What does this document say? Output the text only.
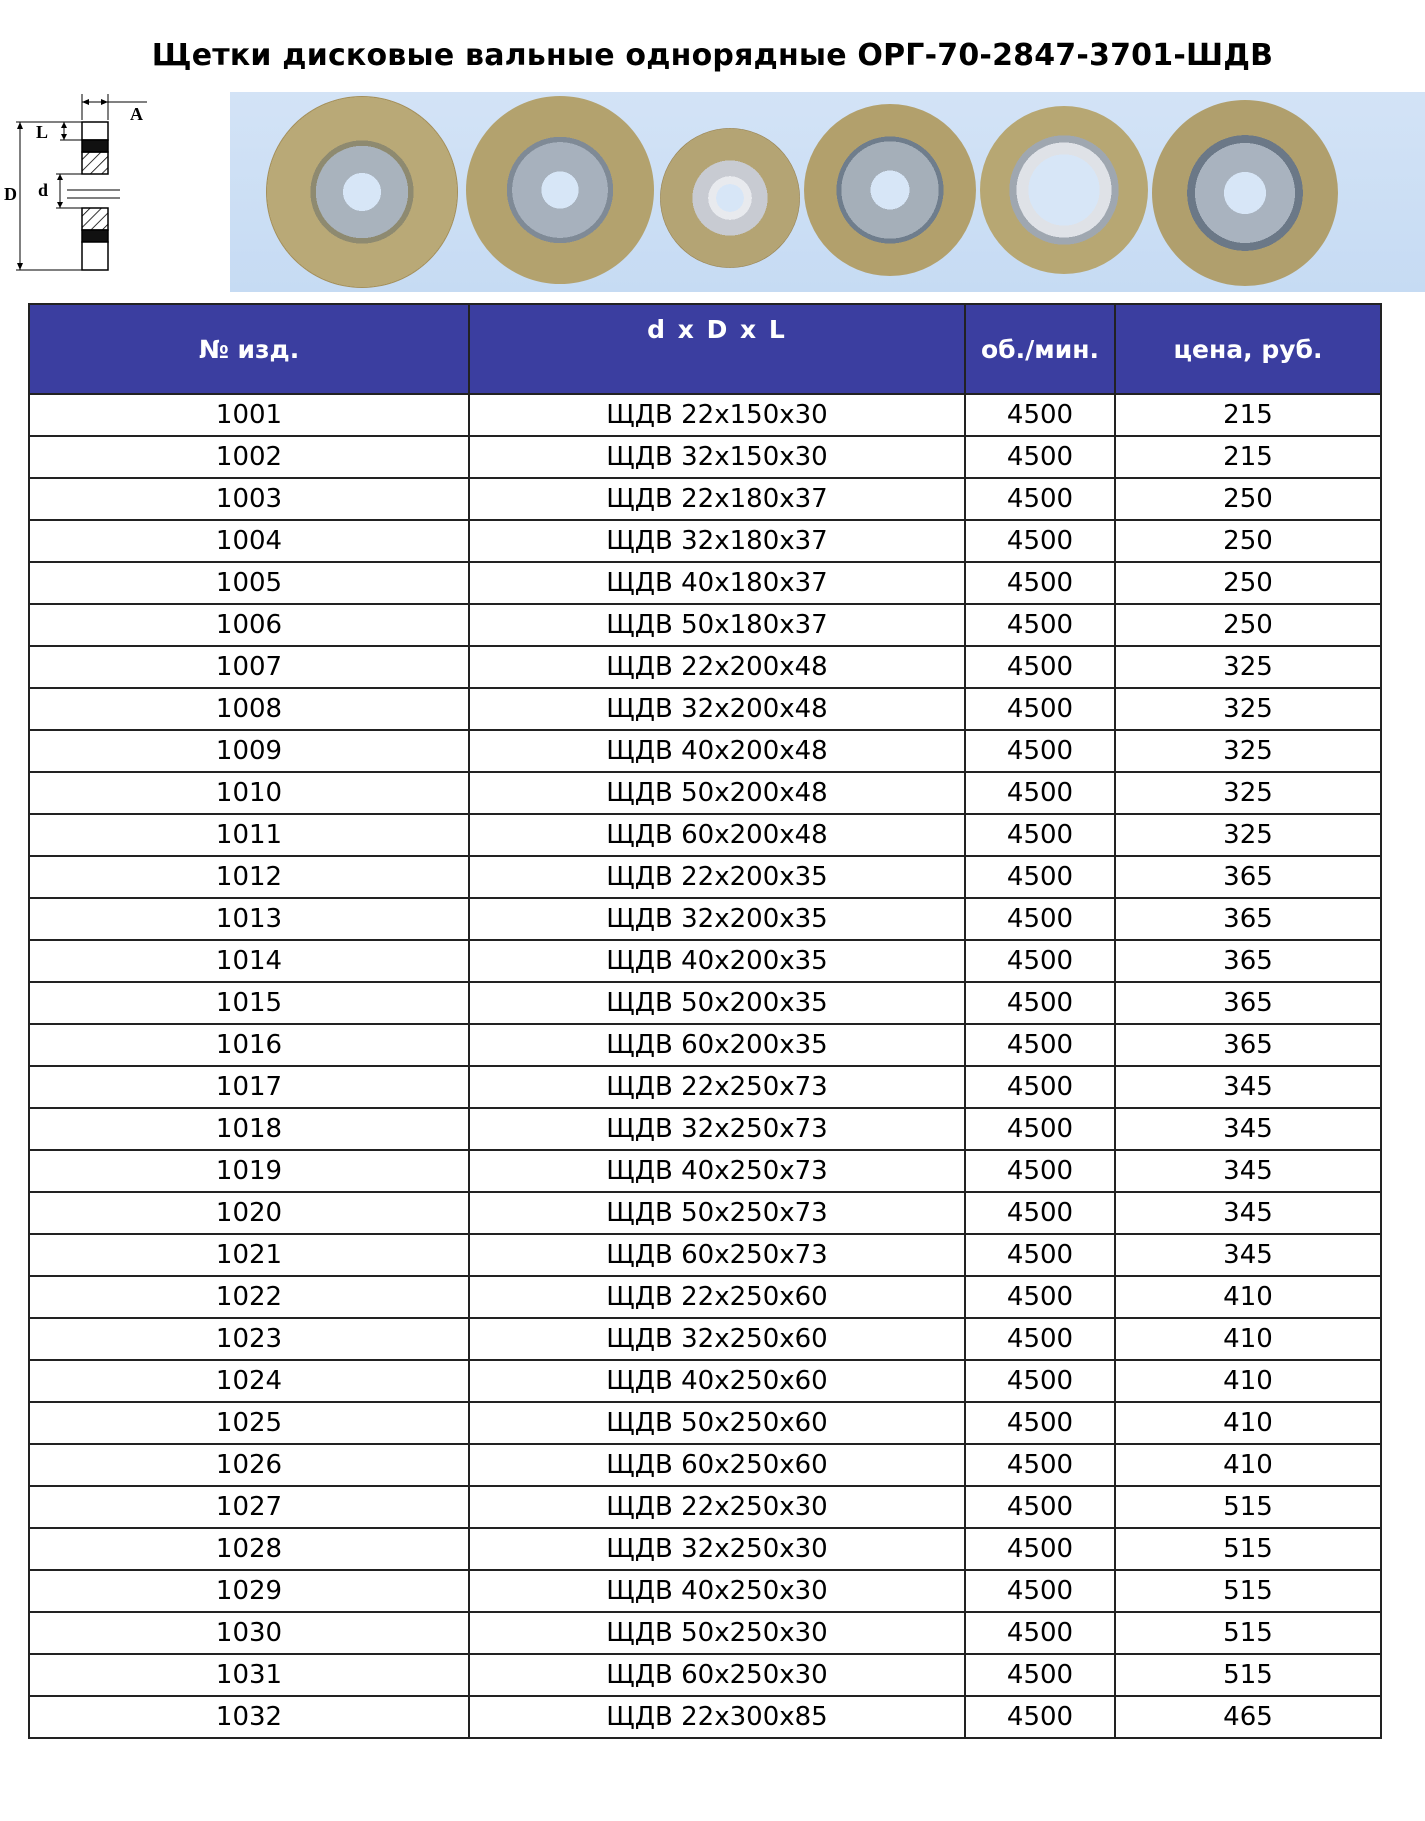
Щетки дисковые вальные однорядные ОРГ-70-2847-3701-ШДВ
A
L
D d
№ изд.	d x D x L	об./мин.	цена, руб.
1001	ЩДВ 22х150х30	4500	215
1002	ЩДВ 32х150х30	4500	215
1003	ЩДВ 22х180х37	4500	250
1004	ЩДВ 32х180х37	4500	250
1005	ЩДВ 40х180х37	4500	250
1006	ЩДВ 50х180х37	4500	250
1007	ЩДВ 22х200х48	4500	325
1008	ЩДВ 32х200х48	4500	325
1009	ЩДВ 40х200х48	4500	325
1010	ЩДВ 50х200х48	4500	325
1011	ЩДВ 60х200х48	4500	325
1012	ЩДВ 22х200х35	4500	365
1013	ЩДВ 32х200х35	4500	365
1014	ЩДВ 40х200х35	4500	365
1015	ЩДВ 50х200х35	4500	365
1016	ЩДВ 60х200х35	4500	365
1017	ЩДВ 22х250х73	4500	345
1018	ЩДВ 32х250х73	4500	345
1019	ЩДВ 40х250х73	4500	345
1020	ЩДВ 50х250х73	4500	345
1021	ЩДВ 60х250х73	4500	345
1022	ЩДВ 22х250х60	4500	410
1023	ЩДВ 32х250х60	4500	410
1024	ЩДВ 40х250х60	4500	410
1025	ЩДВ 50х250х60	4500	410
1026	ЩДВ 60х250х60	4500	410
1027	ЩДВ 22х250х30	4500	515
1028	ЩДВ 32х250х30	4500	515
1029	ЩДВ 40х250х30	4500	515
1030	ЩДВ 50х250х30	4500	515
1031	ЩДВ 60х250х30	4500	515
1032	ЩДВ 22х300х85	4500	465
